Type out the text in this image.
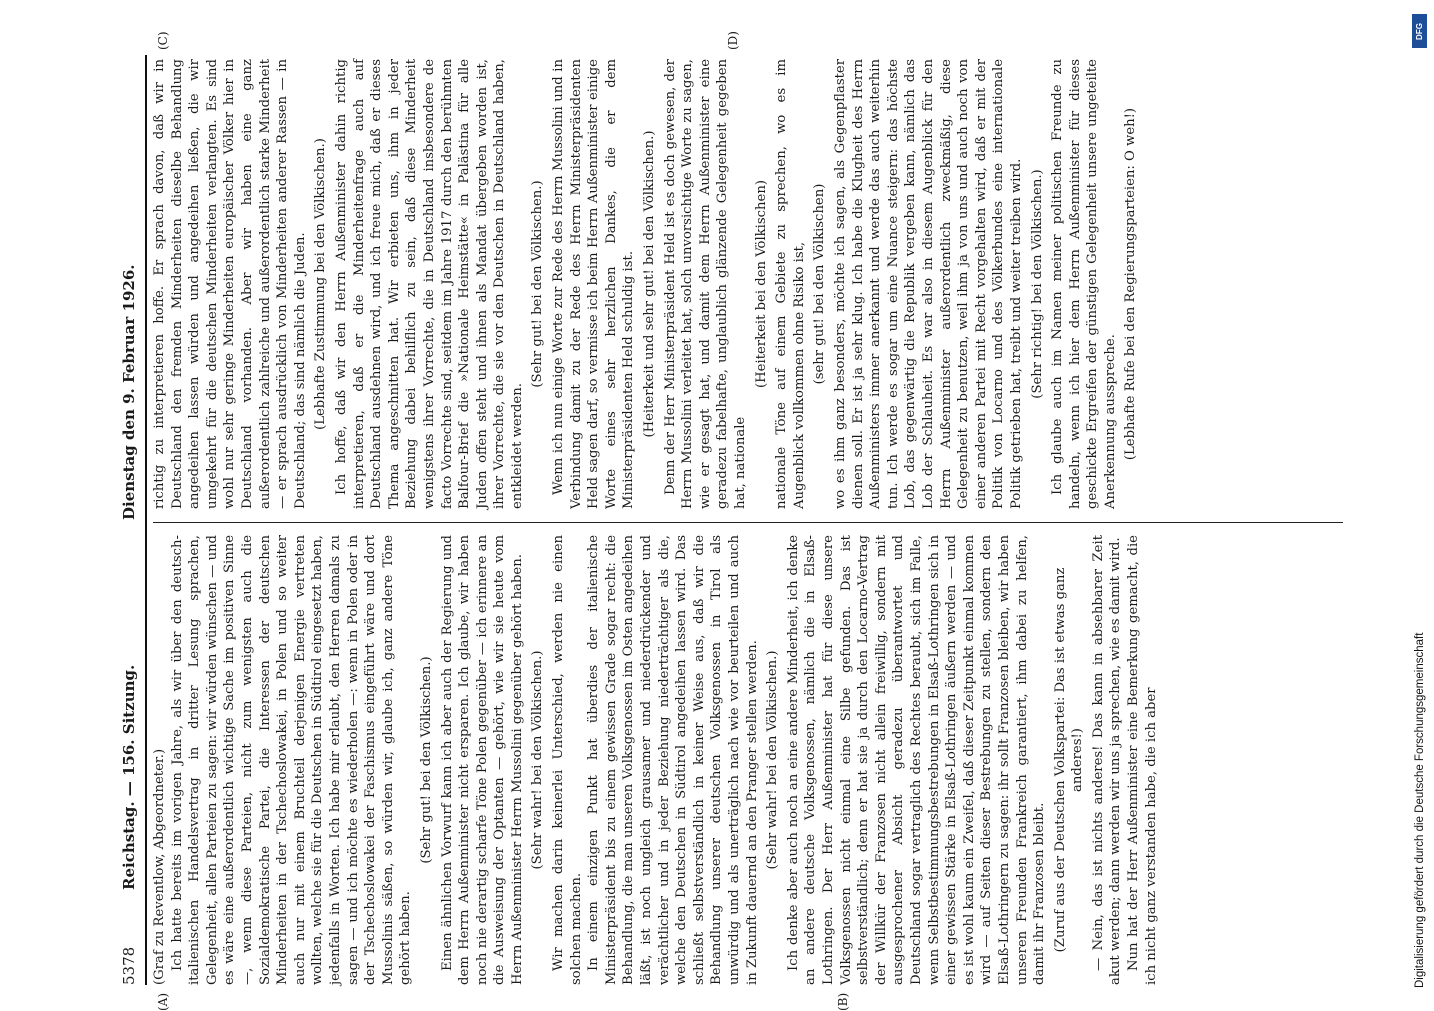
5378
Reichstag. — 156. Sitzung.
Dienstag den 9. Februar 1926.
(A)	(B)
(C)	(D)

(Graf zu Reventlow, Abgeordneter.) Ich hatte bereits im vorigen Jahre, als wir über den deutsch-italienischen Handelsvertrag in dritter Lesung sprachen, Gelegenheit, allen Parteien zu sagen: wir würden wünschen — und es wäre eine außerordentlich wichtige Sache im positiven Sinne —, wenn diese Parteien, nicht zum wenigsten auch die Sozialdemokratische Partei, die Interessen der deutschen Minderheiten in der Tschechoslowakei, in Polen und so weiter auch nur mit einem Bruchteil derjenigen Energie vertreten wollten, welche sie für die Deutschen in Südtirol eingesetzt haben, jedenfalls in Worten. Ich habe mir erlaubt, den Herren damals zu sagen — und ich möchte es wiederholen —: wenn in Polen oder in der Tschechoslowakei der Faschismus eingeführt wäre und dort Mussolinis säßen, so würden wir, glaube ich, ganz andere Töne gehört haben.

(Sehr gut! bei den Völkischen.) Einen ähnlichen Vorwurf kann ich aber auch der Regierung und dem Herrn Außenminister nicht ersparen. Ich glaube, wir haben noch nie derartig scharfe Töne Polen gegenüber — ich erinnere an die Ausweisung der Optanten — gehört, wie wir sie heute vom Herrn Außenminister Herrn Mussolini gegenüber gehört haben. (Sehr wahr! bei den Völkischen.) Wir machen darin keinerlei Unterschied, werden nie einen solchen machen. In einem einzigen Punkt hat überdies der italienische Ministerpräsident bis zu einem gewissen Grade sogar recht: die Behandlung, die man unseren Volksgenossen im Osten angedeihen läßt, ist noch ungleich grausamer und niederdrückender und verächtlicher und in jeder Beziehung niederträchtiger als die, welche den Deutschen in Südtirol angedeihen lassen wird. Das schließt selbstverständlich in keiner Weise aus, daß wir die Behandlung unserer deutschen Volksgenossen in Tirol als unwürdig und als unerträglich nach wie vor beurteilen und auch in Zukunft dauernd an den Pranger stellen werden. (Sehr wahr! bei den Völkischen.) Ich denke aber auch noch an eine andere Minderheit, ich denke an andere deutsche Volksgenossen, nämlich die in Elsaß-Lothringen. Der Herr Außenminister hat für diese unsere Volksgenossen nicht einmal eine Silbe gefunden. Das ist selbstverständlich; denn er hat sie ja durch den Locarno-Vertrag der Willkür der Franzosen nicht allein freiwillig, sondern mit ausgesprochener Absicht geradezu überantwortet und Deutschland sogar vertraglich des Rechtes beraubt, sich im Falle, wenn Selbstbestimmungsbestrebungen in Elsaß-Lothringen sich in einer gewissen Stärke in Elsaß-Lothringen äußern werden — und es ist wohl kaum ein Zweifel, daß dieser Zeitpunkt einmal kommen wird — auf Seiten dieser Bestrebungen zu stellen, sondern den Elsaß-Lothringern zu sagen: ihr sollt Franzosen bleiben, wir haben unseren Freunden Frankreich garantiert, ihm dabei zu helfen, damit ihr Franzosen bleibt. (Zuruf aus der Deutschen Volkspartei: Das ist etwas ganz anderes!) — Nein, das ist nichts anderes! Das kann in absehbarer Zeit akut werden; dann werden wir uns ja sprechen, wie es damit wird. Nun hat der Herr Außenminister eine Bemerkung gemacht, die ich nicht ganz verstanden habe, die ich aber

richtig zu interpretieren hoffe. Er sprach davon, daß wir in Deutschland den fremden Minderheiten dieselbe Behandlung angedeihen lassen würden und angedeihen ließen, die wir umgekehrt für die deutschen Minderheiten verlangten. Es sind wohl nur sehr geringe Minderheiten europäischer Völker hier in Deutschland vorhanden. Aber wir haben eine ganz außerordentlich zahlreiche und außerordentlich starke Minderheit — er sprach ausdrücklich von Minderheiten anderer Rassen — in Deutschland; das sind nämlich die Juden. (Lebhafte Zustimmung bei den Völkischen.) Ich hoffe, daß wir den Herrn Außenminister dahin richtig interpretieren, daß er die Minderheitenfrage auch auf Deutschland ausdehnen wird, und ich freue mich, daß er dieses Thema angeschnitten hat. Wir erbieten uns, ihm in jeder Beziehung dabei behilflich zu sein, daß diese Minderheit wenigstens ihrer Vorrechte, die in Deutschland insbesondere de facto Vorrechte sind, seitdem im Jahre 1917 durch den berühmten Balfour-Brief die »Nationale Heimstätte« in Palästina für alle Juden offen steht und ihnen als Mandat übergeben worden ist, ihrer Vorrechte, die sie vor den Deutschen in Deutschland haben, entkleidet werden.

(Sehr gut! bei den Völkischen.) Wenn ich nun einige Worte zur Rede des Herrn Mussolini und in Verbindung damit zu der Rede des Herrn Ministerpräsidenten Held sagen darf, so vermisse ich beim Herrn Außenminister einige Worte eines sehr herzlichen Dankes, die er dem Ministerpräsidenten Held schuldig ist. (Heiterkeit und sehr gut! bei den Völkischen.) Denn der Herr Ministerpräsident Held ist es doch gewesen, der Herrn Mussolini verleitet hat, solch unvorsichtige Worte zu sagen, wie er gesagt hat, und damit dem Herrn Außenminister eine geradezu fabelhafte, unglaublich glänzende Gelegenheit gegeben hat, nationale

(Heiterkeit bei den Völkischen) nationale Töne auf einem Gebiete zu sprechen, wo es im Augenblick vollkommen ohne Risiko ist, (sehr gut! bei den Völkischen) wo es ihm ganz besonders, möchte ich sagen, als Gegenpflaster dienen soll. Er ist ja sehr klug. Ich habe die Klugheit des Herrn Außenministers immer anerkannt und werde das auch weiterhin tun. Ich werde es sogar um eine Nuance steigern: das höchste Lob, das gegenwärtig die Republik vergeben kann, nämlich das Lob der Schlauheit. Es war also in diesem Augenblick für den Herrn Außenminister außerordentlich zweckmäßig, diese Gelegenheit zu benutzen, weil ihm ja von uns und auch noch von einer anderen Partei mit Recht vorgehalten wird, daß er mit der Politik von Locarno und des Völkerbundes eine internationale Politik getrieben hat, treibt und weiter treiben wird. (Sehr richtig! bei den Völkischen.) Ich glaube auch im Namen meiner politischen Freunde zu handeln, wenn ich hier dem Herrn Außenminister für dieses geschickte Ergreifen der günstigen Gelegenheit unsere ungeteilte Anerkennung ausspreche. (Lebhafte Rufe bei den Regierungsparteien: O weh!)

DFG
Digitalisierung gefördert durch die Deutsche Forschungsgemeinschaft
